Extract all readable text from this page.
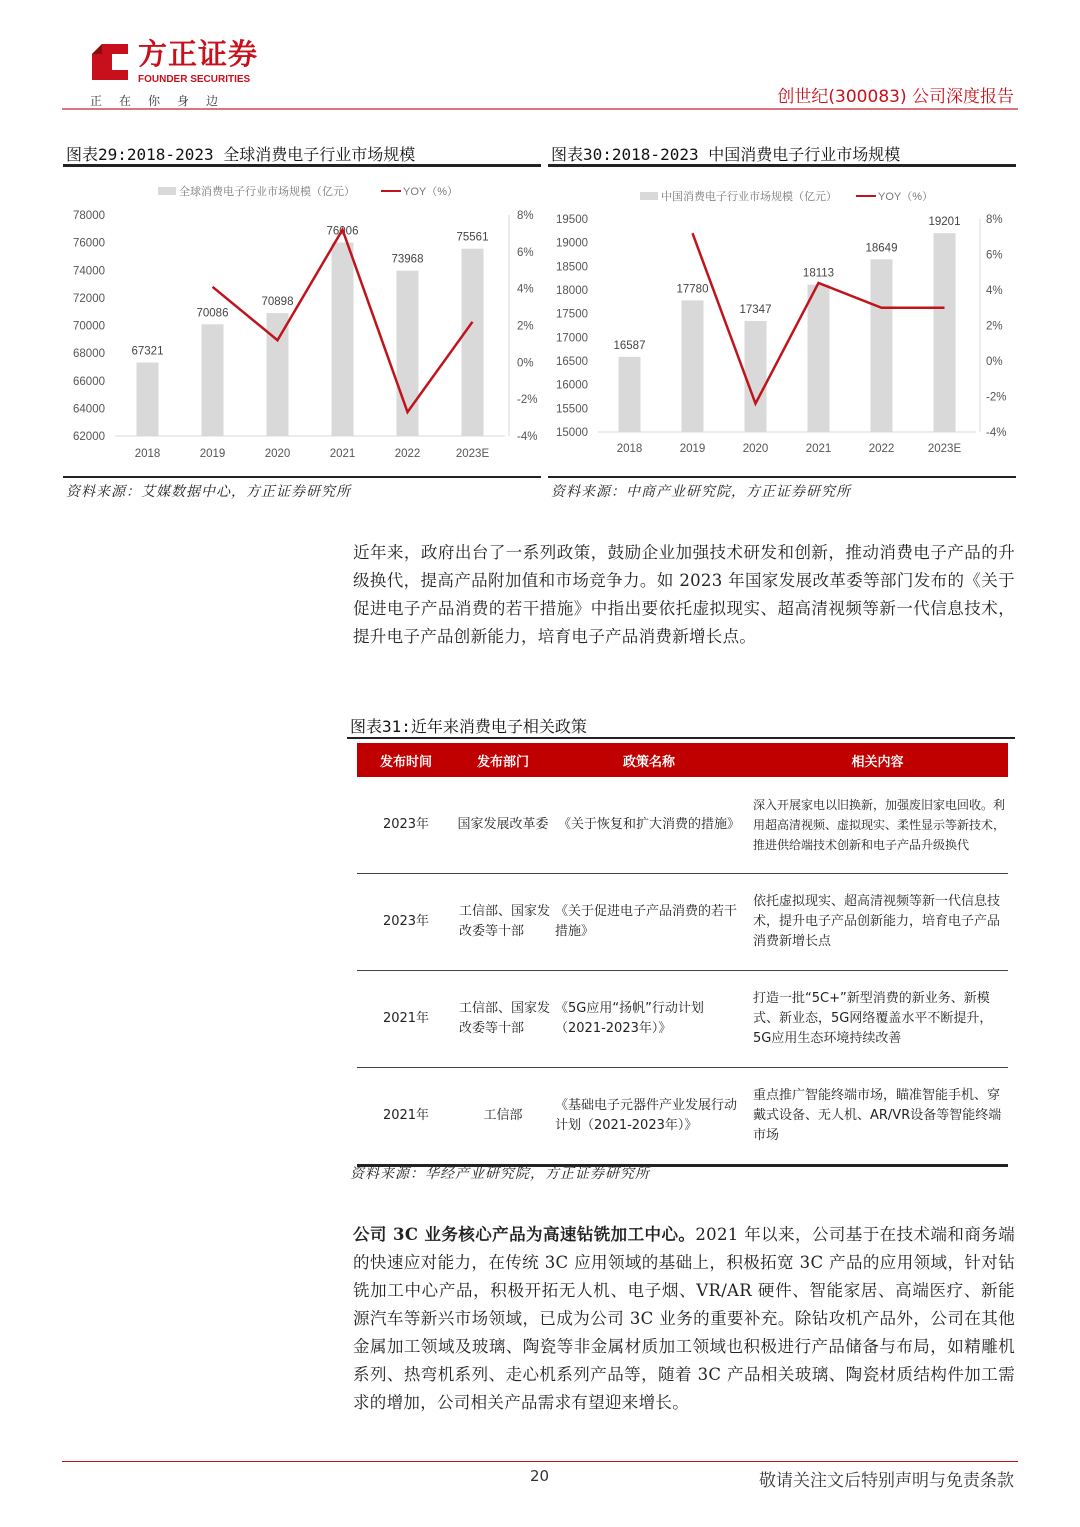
方正证券
FOUNDER SECURITIES
正在你身边	创世纪(300083) 公司深度报告
图表29:2018-2023 全球消费电子行业市场规模
全球消费电子行业市场规模（亿元）	YOY（%）
62000
64000
66000
68000
70000
72000
74000
76000
78000
-4%
-2%
0%
2%
4%
6%
8%
67321
2018
70086
2019
70898
2020
76006
2021
73968
2022
75561
2023E
资料来源：艾媒数据中心，方正证券研究所
图表30:2018-2023 中国消费电子行业市场规模
中国消费电子行业市场规模（亿元）	YOY（%）
15000
15500
16000
16500
17000
17500
18000
18500
19000
19500
-4%
-2%
0%
2%
4%
6%
8%
16587
2018
17780
2019
17347
2020
18113
2021
18649
2022
19201
2023E
资料来源：中商产业研究院，方正证券研究所
近年来，政府出台了一系列政策，鼓励企业加强技术研发和创新，推动消费电子产品的升级换代，提高产品附加值和市场竞争力。如 2023 年国家发展改革委等部门发布的《关于促进电子产品消费的若干措施》中指出要依托虚拟现实、超高清视频等新一代信息技术，提升电子产品创新能力，培育电子产品消费新增长点。
图表31:近年来消费电子相关政策
发布时间	发布部门	政策名称	相关内容
2023年	国家发展改革委	《关于恢复和扩大消费的措施》	深入开展家电以旧换新，加强废旧家电回收。利用超高清视频、虚拟现实、柔性显示等新技术，推进供给端技术创新和电子产品升级换代
2023年	工信部、国家发改委等十部	《关于促进电子产品消费的若干措施》	依托虚拟现实、超高清视频等新一代信息技术，提升电子产品创新能力，培育电子产品消费新增长点
2021年	工信部、国家发改委等十部	《5G应用“扬帆”行动计划（2021-2023年）》	打造一批“5C+”新型消费的新业务、新模式、新业态，5G网络覆盖水平不断提升，5G应用生态环境持续改善
2021年	工信部	《基础电子元器件产业发展行动计划（2021-2023年）》	重点推广智能终端市场，瞄准智能手机、穿戴式设备、无人机、AR/VR设备等智能终端市场
资料来源：华经产业研究院，方正证券研究所
公司 3C 业务核心产品为高速钻铣加工中心。2021 年以来，公司基于在技术端和商务端的快速应对能力，在传统 3C 应用领域的基础上，积极拓宽 3C 产品的应用领域，针对钻铣加工中心产品，积极开拓无人机、电子烟、VR/AR 硬件、智能家居、高端医疗、新能源汽车等新兴市场领域，已成为公司 3C 业务的重要补充。除钻攻机产品外，公司在其他金属加工领域及玻璃、陶瓷等非金属材质加工领域也积极进行产品储备与布局，如精雕机系列、热弯机系列、走心机系列产品等，随着 3C 产品相关玻璃、陶瓷材质结构件加工需求的增加，公司相关产品需求有望迎来增长。
20	敬请关注文后特别声明与免责条款
